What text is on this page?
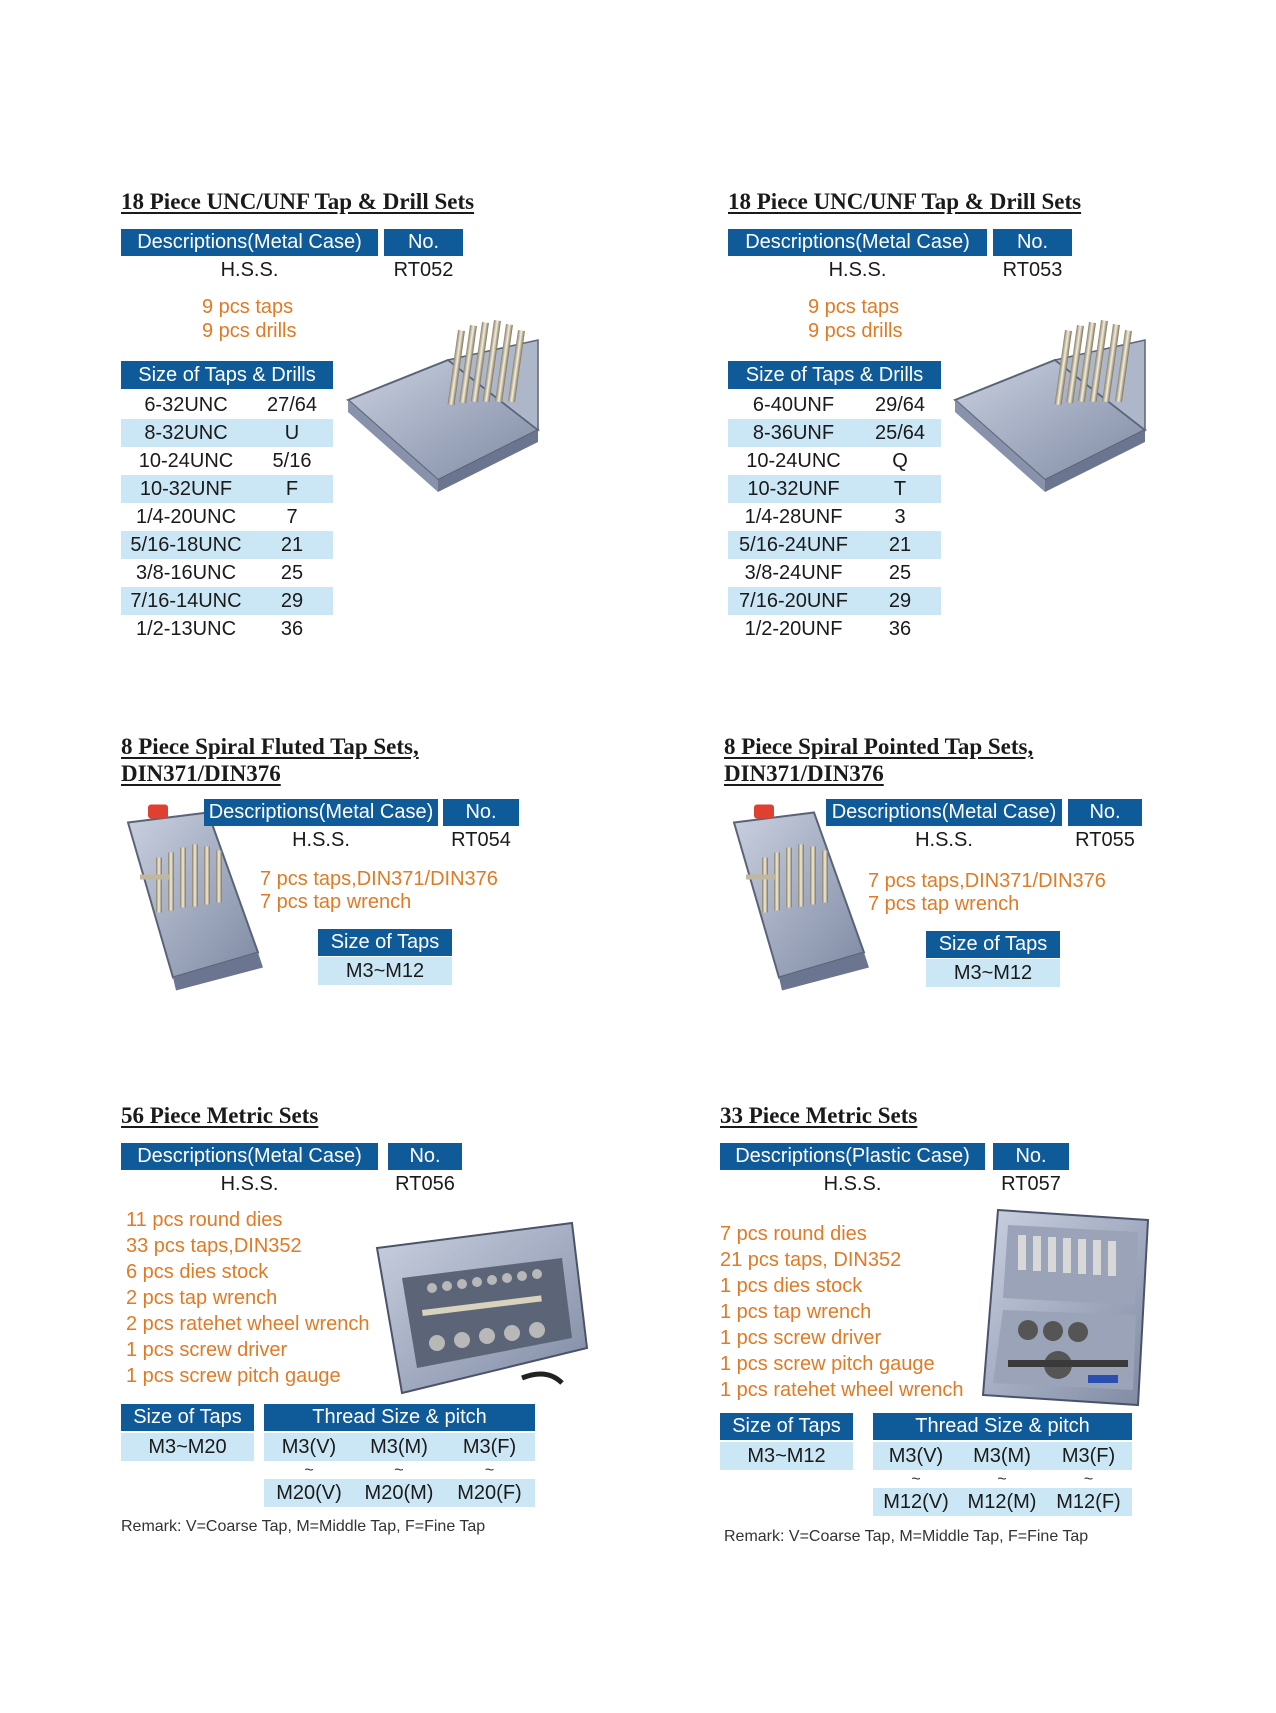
18 Piece UNC/UNF Tap & Drill Sets
Descriptions(Metal Case)	No.
H.S.S.	RT052
9 pcs taps
9 pcs drills
Size of Taps & Drills
6-32UNC	27/64
8-32UNC	U
10-24UNC	5/16
10-32UNF	F
1/4-20UNC	7
5/16-18UNC	21
3/8-16UNC	25
7/16-14UNC	29
1/2-13UNC	36
18 Piece UNC/UNF Tap & Drill Sets
Descriptions(Metal Case)	No.
H.S.S.	RT053
9 pcs taps
9 pcs drills
Size of Taps & Drills
6-40UNF	29/64
8-36UNF	25/64
10-24UNC	Q
10-32UNF	T
1/4-28UNF	3
5/16-24UNF	21
3/8-24UNF	25
7/16-20UNF	29
1/2-20UNF	36
8 Piece Spiral Fluted Tap Sets,
DIN371/DIN376
Descriptions(Metal Case)	No.
H.S.S.	RT054
7 pcs taps,DIN371/DIN376
7 pcs tap wrench
Size of Taps
M3~M12
8 Piece Spiral Pointed Tap Sets,
DIN371/DIN376
Descriptions(Metal Case)	No.
H.S.S.	RT055
7 pcs taps,DIN371/DIN376
7 pcs tap wrench
Size of Taps
M3~M12
56 Piece Metric Sets
Descriptions(Metal Case)	No.
H.S.S.	RT056
11 pcs round dies
33 pcs taps,DIN352
6 pcs dies stock
2 pcs tap wrench
2 pcs ratehet wheel wrench
1 pcs screw driver
1 pcs screw pitch gauge
Size of Taps
M3~M20
Thread Size & pitch
M3(V)	M3(M)	M3(F)
~	~	~
M20(V)	M20(M)	M20(F)
Remark: V=Coarse Tap, M=Middle Tap, F=Fine Tap
33 Piece Metric Sets
Descriptions(Plastic Case)	No.
H.S.S.	RT057
7 pcs round dies
21 pcs taps, DIN352
1 pcs dies stock
1 pcs tap wrench
1 pcs screw driver
1 pcs screw pitch gauge
1 pcs ratehet wheel wrench
Size of Taps
M3~M12
Thread Size & pitch
M3(V)	M3(M)	M3(F)
~	~	~
M12(V) M12(M) M12(F)
Remark: V=Coarse Tap, M=Middle Tap, F=Fine Tap
